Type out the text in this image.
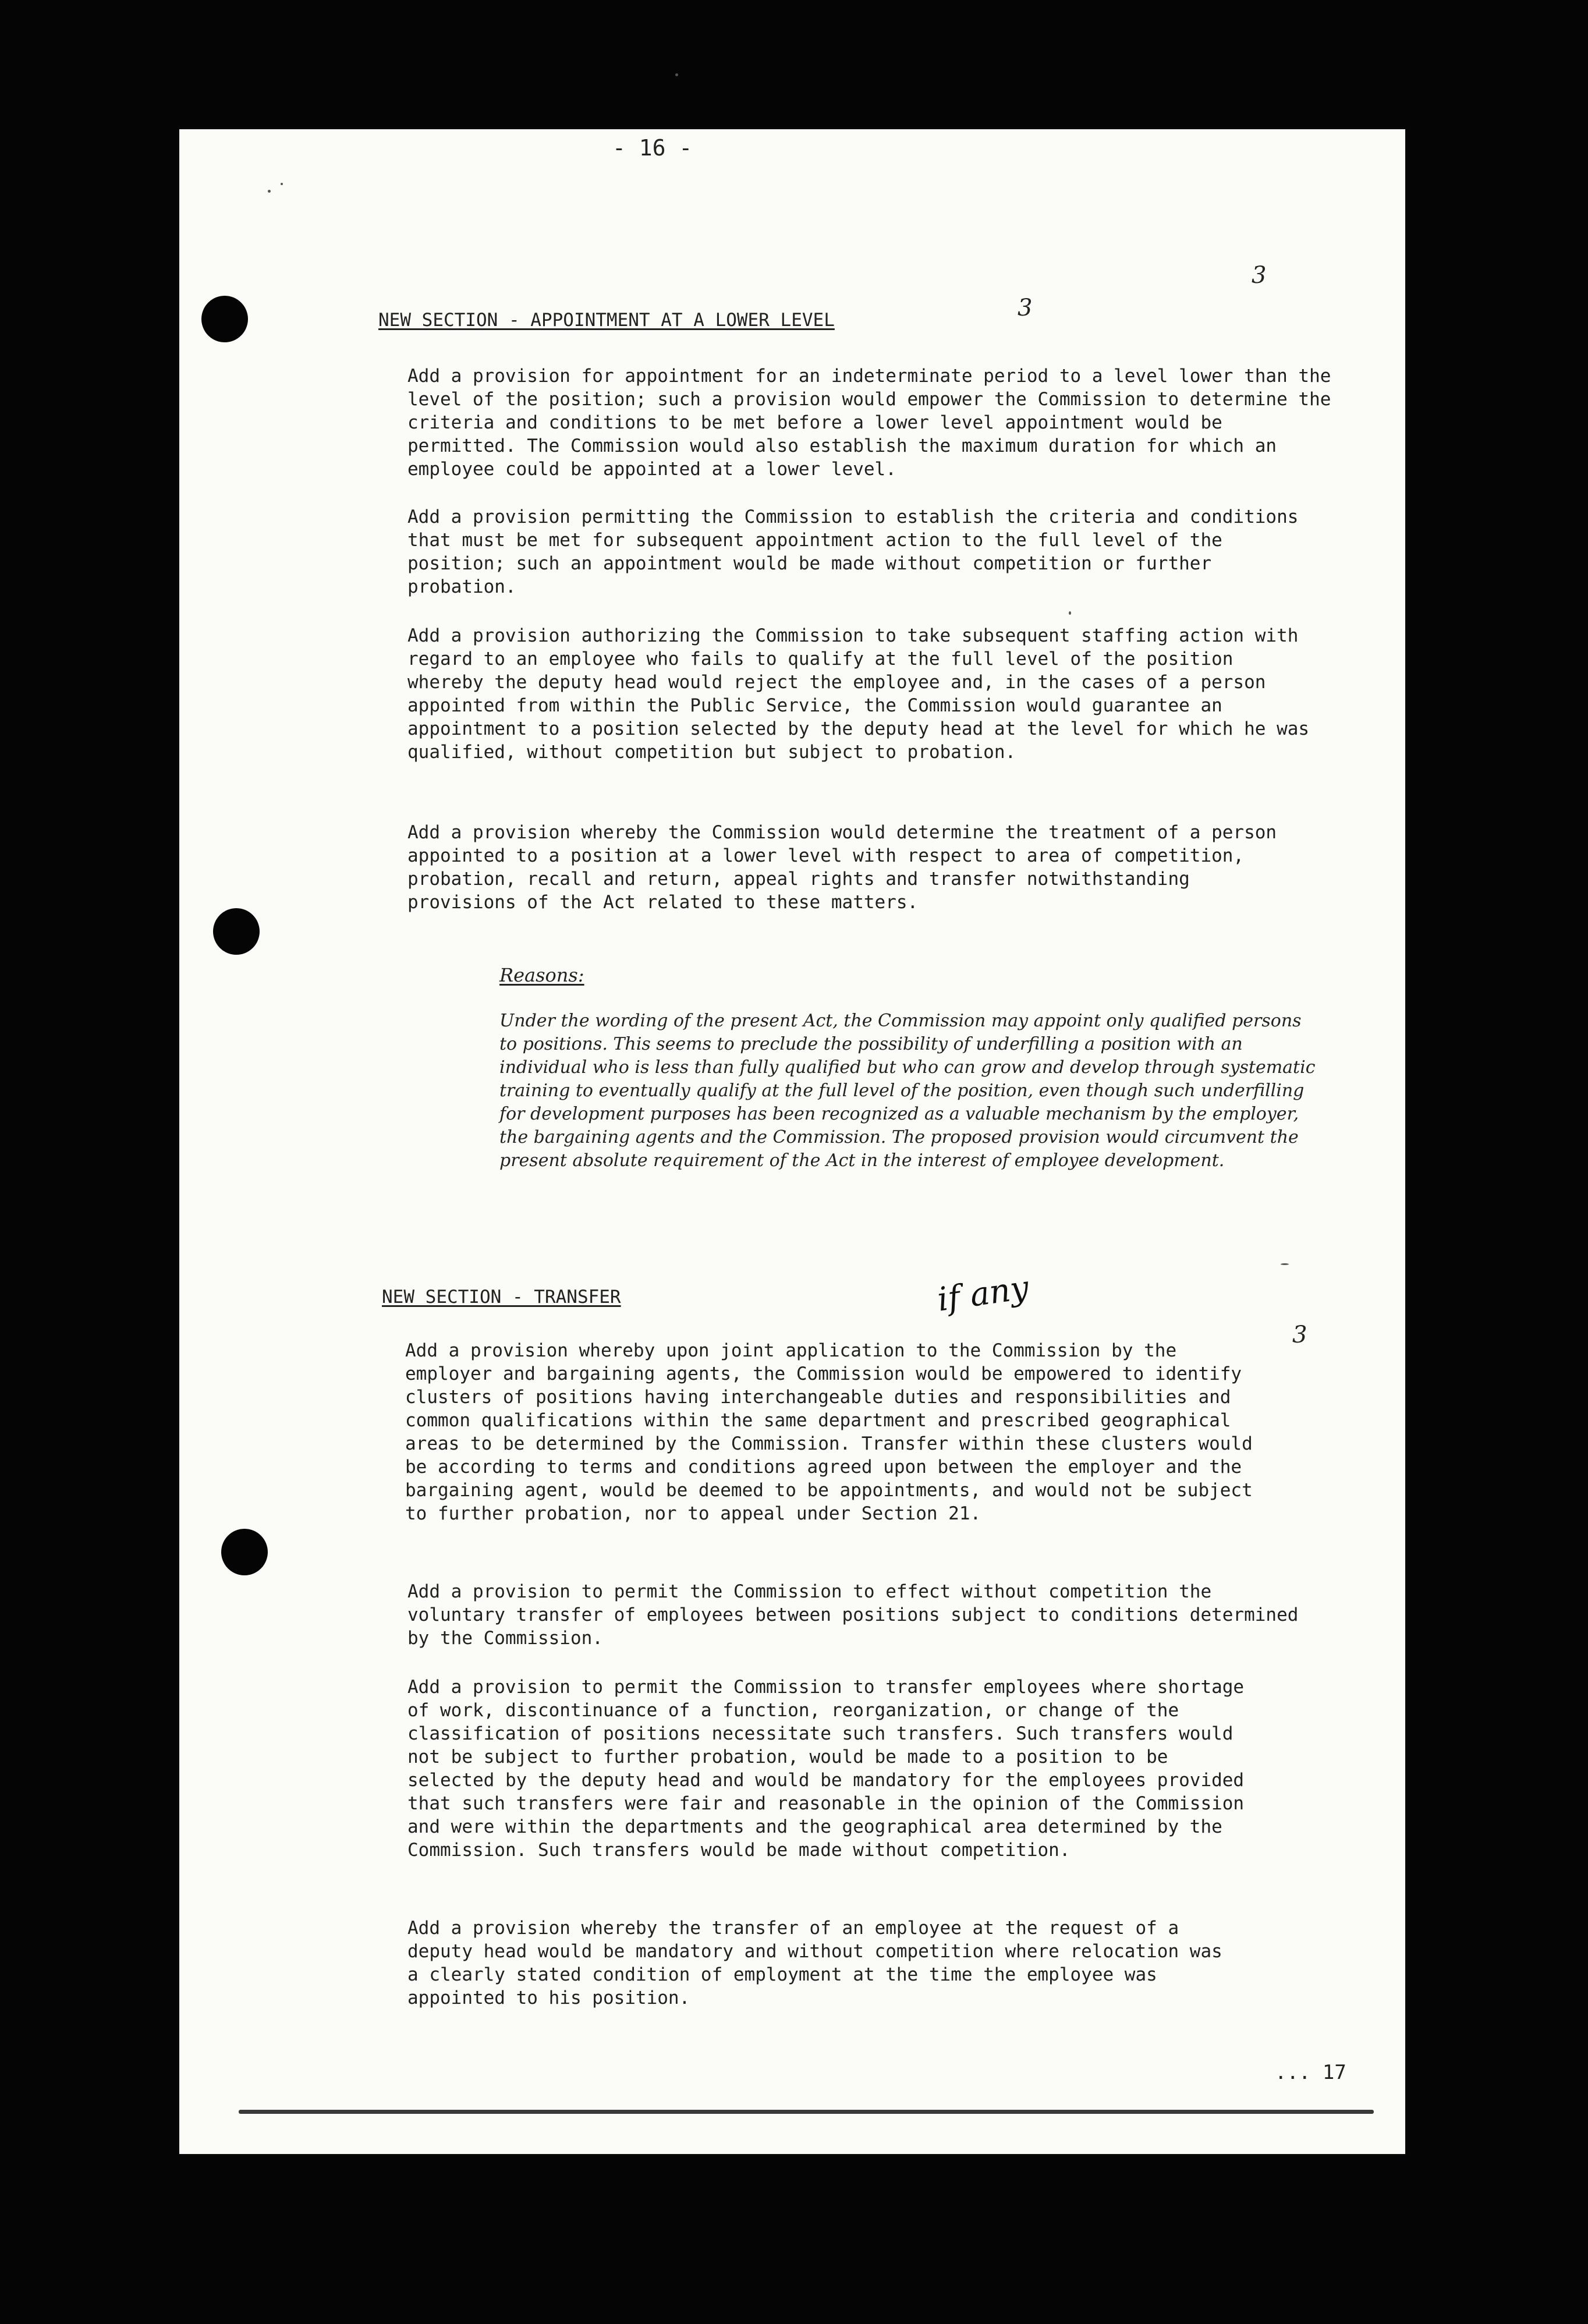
- 16 -
3
3
NEW SECTION - APPOINTMENT AT A LOWER LEVEL
Add a provision for appointment for an indeterminate period to a level lower than the level of the position; such a provision would empower the Commission to determine the criteria and conditions to be met before a lower level appointment would be permitted. The Commission would also establish the maximum duration for which an employee could be appointed at a lower level.
Add a provision permitting the Commission to establish the criteria and conditions that must be met for subsequent appointment action to the full level of the position; such an appointment would be made without competition or further probation.
Add a provision authorizing the Commission to take subsequent staffing action with regard to an employee who fails to qualify at the full level of the position whereby the deputy head would reject the employee and, in the cases of a person appointed from within the Public Service, the Commission would guarantee an appointment to a position selected by the deputy head at the level for which he was qualified, without competition but subject to probation.
Add a provision whereby the Commission would determine the treatment of a person appointed to a position at a lower level with respect to area of competition, probation, recall and return, appeal rights and transfer notwithstanding provisions of the Act related to these matters.
Reasons:
Under the wording of the present Act, the Commission may appoint only qualified persons to positions. This seems to preclude the possibility of underfilling a position with an individual who is less than fully qualified but who can grow and develop through systematic training to eventually qualify at the full level of the position, even though such underfilling for development purposes has been recognized as a valuable mechanism by the employer, the bargaining agents and the Commission. The proposed provision would circumvent the present absolute requirement of the Act in the interest of employee development.
NEW SECTION - TRANSFER	if any
3
Add a provision whereby upon joint application to the Commission by the employer and bargaining agents, the Commission would be empowered to identify clusters of positions having interchangeable duties and responsibilities and common qualifications within the same department and prescribed geographical areas to be determined by the Commission. Transfer within these clusters would be according to terms and conditions agreed upon between the employer and the bargaining agent, would be deemed to be appointments, and would not be subject to further probation, nor to appeal under Section 21.
Add a provision to permit the Commission to effect without competition the voluntary transfer of employees between positions subject to conditions determined by the Commission.
Add a provision to permit the Commission to transfer employees where shortage of work, discontinuance of a function, reorganization, or change of the classification of positions necessitate such transfers. Such transfers would not be subject to further probation, would be made to a position to be selected by the deputy head and would be mandatory for the employees provided that such transfers were fair and reasonable in the opinion of the Commission and were within the departments and the geographical area determined by the Commission. Such transfers would be made without competition.
Add a provision whereby the transfer of an employee at the request of a deputy head would be mandatory and without competition where relocation was a clearly stated condition of employment at the time the employee was appointed to his position.
... 17
